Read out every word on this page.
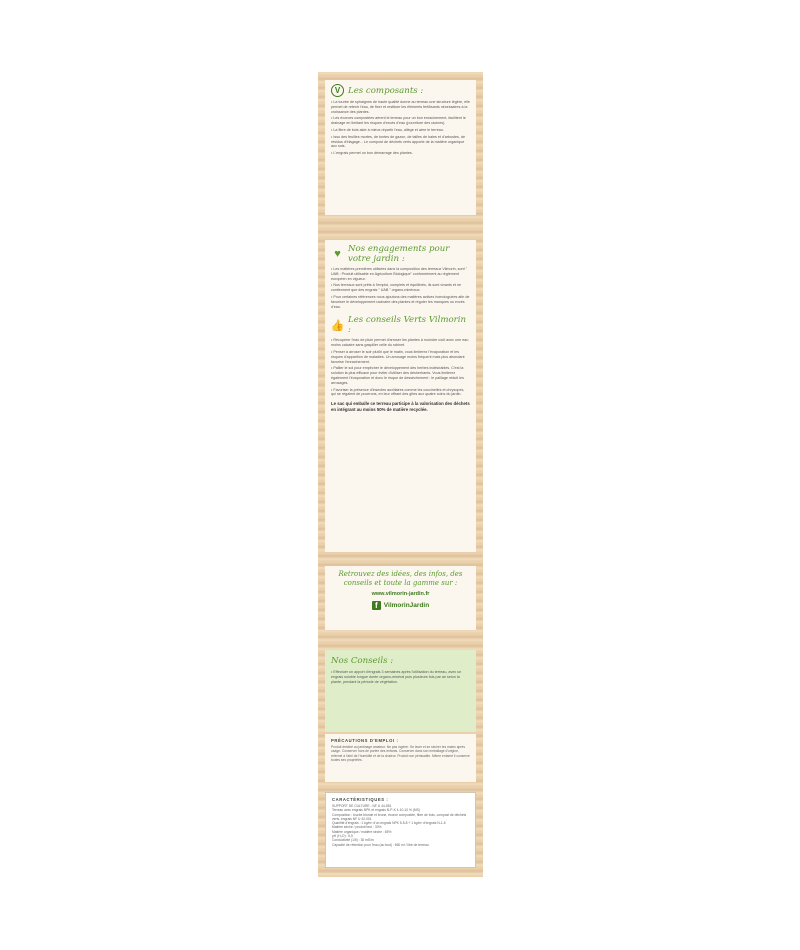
V Les composants :
• La tourbe de sphaignes de haute qualité donne au terreau une structure légère, elle permet de retenir l'eau, de fixer et restituer les éléments fertilisants nécessaires à la croissance des plantes.
• Les écorces compostées aèrent le terreau pour un bon enracinement, facilitent le drainage en limitant les risques d'excès d'eau (pourriture des racines).
• La fibre de bois aide à mieux répartir l'eau, allège et aère le terreau.
• Issu des feuilles mortes, de tontes de gazon, de tailles de haies et d'arbustes, de résidus d'élagage... Le compost de déchets verts apporte de la matière organique aux sols.
• L'engrais permet un bon démarrage des plantes.
♥ Nos engagements pour votre jardin :
• Les matières premières utilisées dans la composition des terreaux Vilmorin, sont " UAB : Produit utilisable en Agriculture Biologique" conformément au règlement européen en vigueur.
• Nos terreaux sont prêts à l'emploi, complets et équilibrés, ils sont vivants et ne contiennent que des engrais " UAB " organo-minéraux.
• Pour certaines références nous ajoutons des matières actives homologuées afin de favoriser le développement racinaire des plantes et réguler les manques ou excès d'eau.
👍 Les conseils Verts Vilmorin :
• Récupérer l'eau de pluie permet d'arroser les plantes à moindre coût avec une eau moins calcaire sans gaspiller celle du robinet.
• Penser à arroser le soir plutôt que le matin, vous limiterez l'évaporation et les risques d'apparition de maladies. Un arrosage moins fréquent mais plus abondant favorise l'enracinement.
• Pailler le sol pour empêcher le développement des herbes indésirables. C'est la solution la plus efficace pour éviter d'utiliser des désherbants. Vous limiterez également l'évaporation et donc le risque de dessèchement : le paillage réduit les arrosages.
• Favoriser la présence d'insectes auxiliaires comme les coccinelles et chrysopes, qui se régalent de pucerons, en leur offrant des gîtes aux quatre coins du jardin.
Le sac qui emballe ce terreau participe à la valorisation des déchets en intégrant au moins 50% de matière recyclée.
Retrouvez des idées, des infos, des conseils et toute la gamme sur :
www.vilmorin-jardin.fr
f VilmorinJardin
Nos Conseils :
• Effectuer un apport d'engrais 3 semaines après l'utilisation du terreau, avec un engrais soluble longue durée organo-minéral puis plusieurs fois par an selon la plante, pendant la période de végétation.
PRÉCAUTIONS D'EMPLOI :
Produit destiné au jardinage amateur. Ne pas ingérer. Se laver et se sécher les mains après usage. Conserver hors de portée des enfants. Conserver dans son emballage d'origine, refermé à l'abri de l'humidité et de la chaleur. Produit non périssable. Même entamé il conserve toutes ses propriétés.
CARACTÉRISTIQUES :
SUPPORT DE CULTURE - NF U 44-551
Terreau avec engrais NPK et engrais N-P-K 4-10-10 % (MS)
Composition : tourbe blonde et brune, écorce compostée, fibre de bois, compost de déchets verts, engrais NF U 42-001
Quantité d'engrais : 1 kg/m³ d'un engrais NPK 5-5-8 + 1 kg/m³ d'engrais N-1-6
Matière sèche / produit brut : 30%
Matière organique / matière sèche : 65%
pH (H₂O) : 6,5
Conductivité (1/5) : 30 mS/m
Capacité de rétention pour l'eau (au brut) : 650 ml / litre de terreau
